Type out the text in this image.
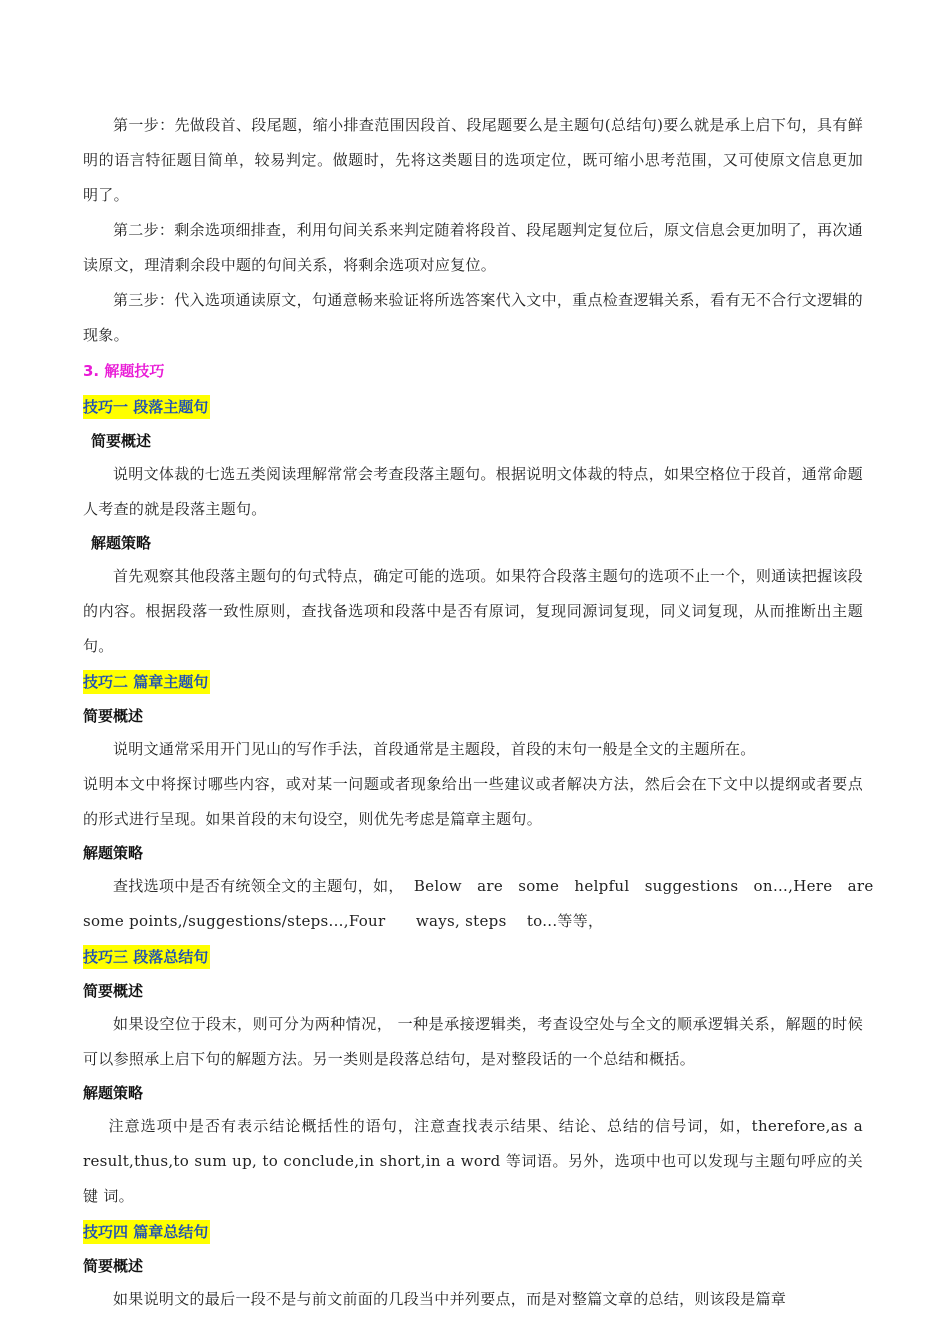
第一步：先做段首、段尾题，缩小排查范围因段首、段尾题要么是主题句(总结句)要么就是承上启下句，具有鲜明的语言特征题目简单，较易判定。做题时，先将这类题目的选项定位，既可缩小思考范围，又可使原文信息更加明了。

第二步：剩余选项细排查，利用句间关系来判定随着将段首、段尾题判定复位后，原文信息会更加明了，再次通读原文，理清剩余段中题的句间关系，将剩余选项对应复位。

第三步：代入选项通读原文，句通意畅来验证将所选答案代入文中，重点检查逻辑关系，看有无不合行文逻辑的现象。

3. 解题技巧

技巧一 段落主题句

简要概述

说明文体裁的七选五类阅读理解常常会考查段落主题句。根据说明文体裁的特点，如果空格位于段首，通常命题人考查的就是段落主题句。

解题策略

首先观察其他段落主题句的句式特点，确定可能的选项。如果符合段落主题句的选项不止一个，则通读把握该段的内容。根据段落一致性原则，查找备选项和段落中是否有原词，复现同源词复现，同义词复现，从而推断出主题句。

技巧二 篇章主题句

简要概述

说明文通常采用开门见山的写作手法，首段通常是主题段，首段的末句一般是全文的主题所在。

说明本文中将探讨哪些内容，或对某一问题或者现象给出一些建议或者解决方法，然后会在下文中以提纲或者要点的形式进行呈现。如果首段的末句设空，则优先考虑是篇章主题句。

解题策略

查找选项中是否有统领全文的主题句，如，  Below   are   some   helpful   suggestions   on…,Here   are

some points,/suggestions/steps...,Four      ways, steps    to...等等，

技巧三 段落总结句

简要概述

如果设空位于段末，则可分为两种情况， 一种是承接逻辑类，考查设空处与全文的顺承逻辑关系，解题的时候可以参照承上启下句的解题方法。另一类则是段落总结句，是对整段话的一个总结和概括。

解题策略

注意选项中是否有表示结论概括性的语句，注意查找表示结果、结论、总结的信号词，如，therefore,as a result,thus,to sum up, to conclude,in short,in a word 等词语。另外，选项中也可以发现与主题句呼应的关键 词。

技巧四 篇章总结句

简要概述

如果说明文的最后一段不是与前文前面的几段当中并列要点，而是对整篇文章的总结，则该段是篇章
